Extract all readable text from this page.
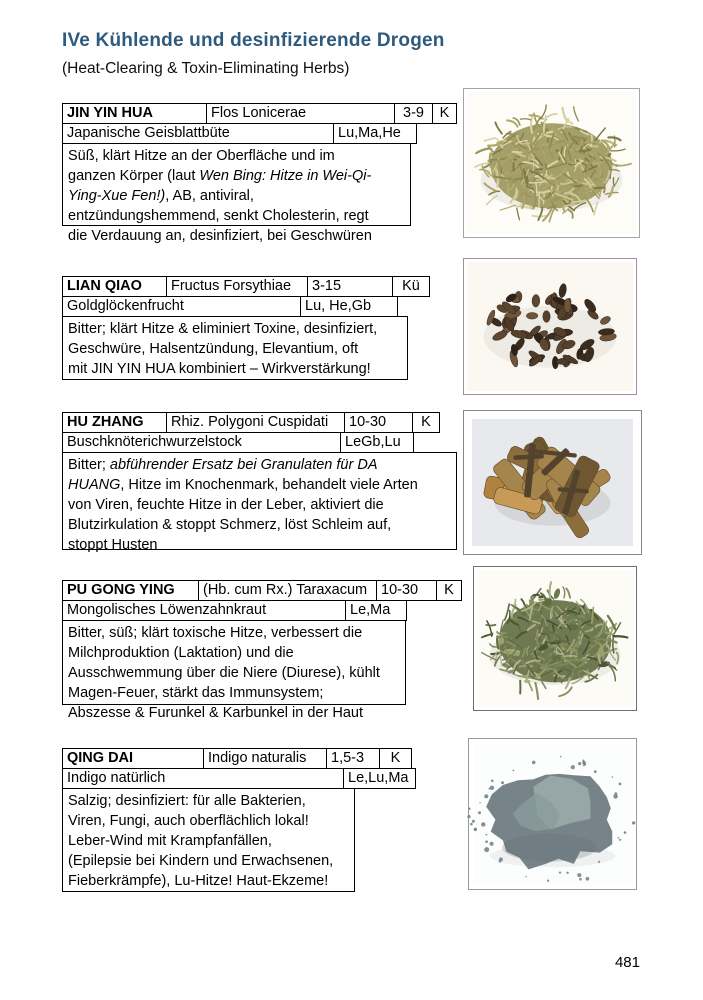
IVe Kühlende und desinfizierende Drogen
(Heat-Clearing & Toxin-Eliminating Herbs)
JIN YIN HUA	Flos Lonicerae	3-9	K
Japanische Geisblattbüte	Lu,Ma,He
Süß, klärt Hitze an der Oberfläche und im
ganzen Körper (laut Wen Bing: Hitze in Wei-Qi-
Ying-Xue Fen!), AB, antiviral,
entzündungshemmend, senkt Cholesterin, regt
die Verdauung an, desinfiziert, bei Geschwüren
LIAN QIAO	Fructus Forsythiae	3-15	Kü
Goldglöckenfrucht	Lu, He,Gb
Bitter; klärt Hitze & eliminiert Toxine, desinfiziert,
Geschwüre, Halsentzündung, Elevantium, oft
mit JIN YIN HUA kombiniert – Wirkverstärkung!
HU ZHANG	Rhiz. Polygoni Cuspidati	10-30	K
Buschknöterichwurzelstock	LeGb,Lu
Bitter; abführender Ersatz bei Granulaten für DA
HUANG, Hitze im Knochenmark, behandelt viele Arten
von Viren, feuchte Hitze in der Leber, aktiviert die
Blutzirkulation & stoppt Schmerz, löst Schleim auf,
stoppt Husten
PU GONG YING	(Hb. cum Rx.) Taraxacum 10-30	K
Mongolisches Löwenzahnkraut	Le,Ma
Bitter, süß; klärt toxische Hitze, verbessert die
Milchproduktion (Laktation) und die
Ausschwemmung über die Niere (Diurese), kühlt
Magen-Feuer, stärkt das Immunsystem;
Abszesse & Furunkel & Karbunkel in der Haut
QING DAI	Indigo naturalis	1,5-3	K
Indigo natürlich	Le,Lu,Ma
Salzig; desinfiziert: für alle Bakterien,
Viren, Fungi, auch oberflächlich lokal!
Leber-Wind mit Krampfanfällen,
(Epilepsie bei Kindern und Erwachsenen,
Fieberkrämpfe), Lu-Hitze! Haut-Ekzeme!
481
